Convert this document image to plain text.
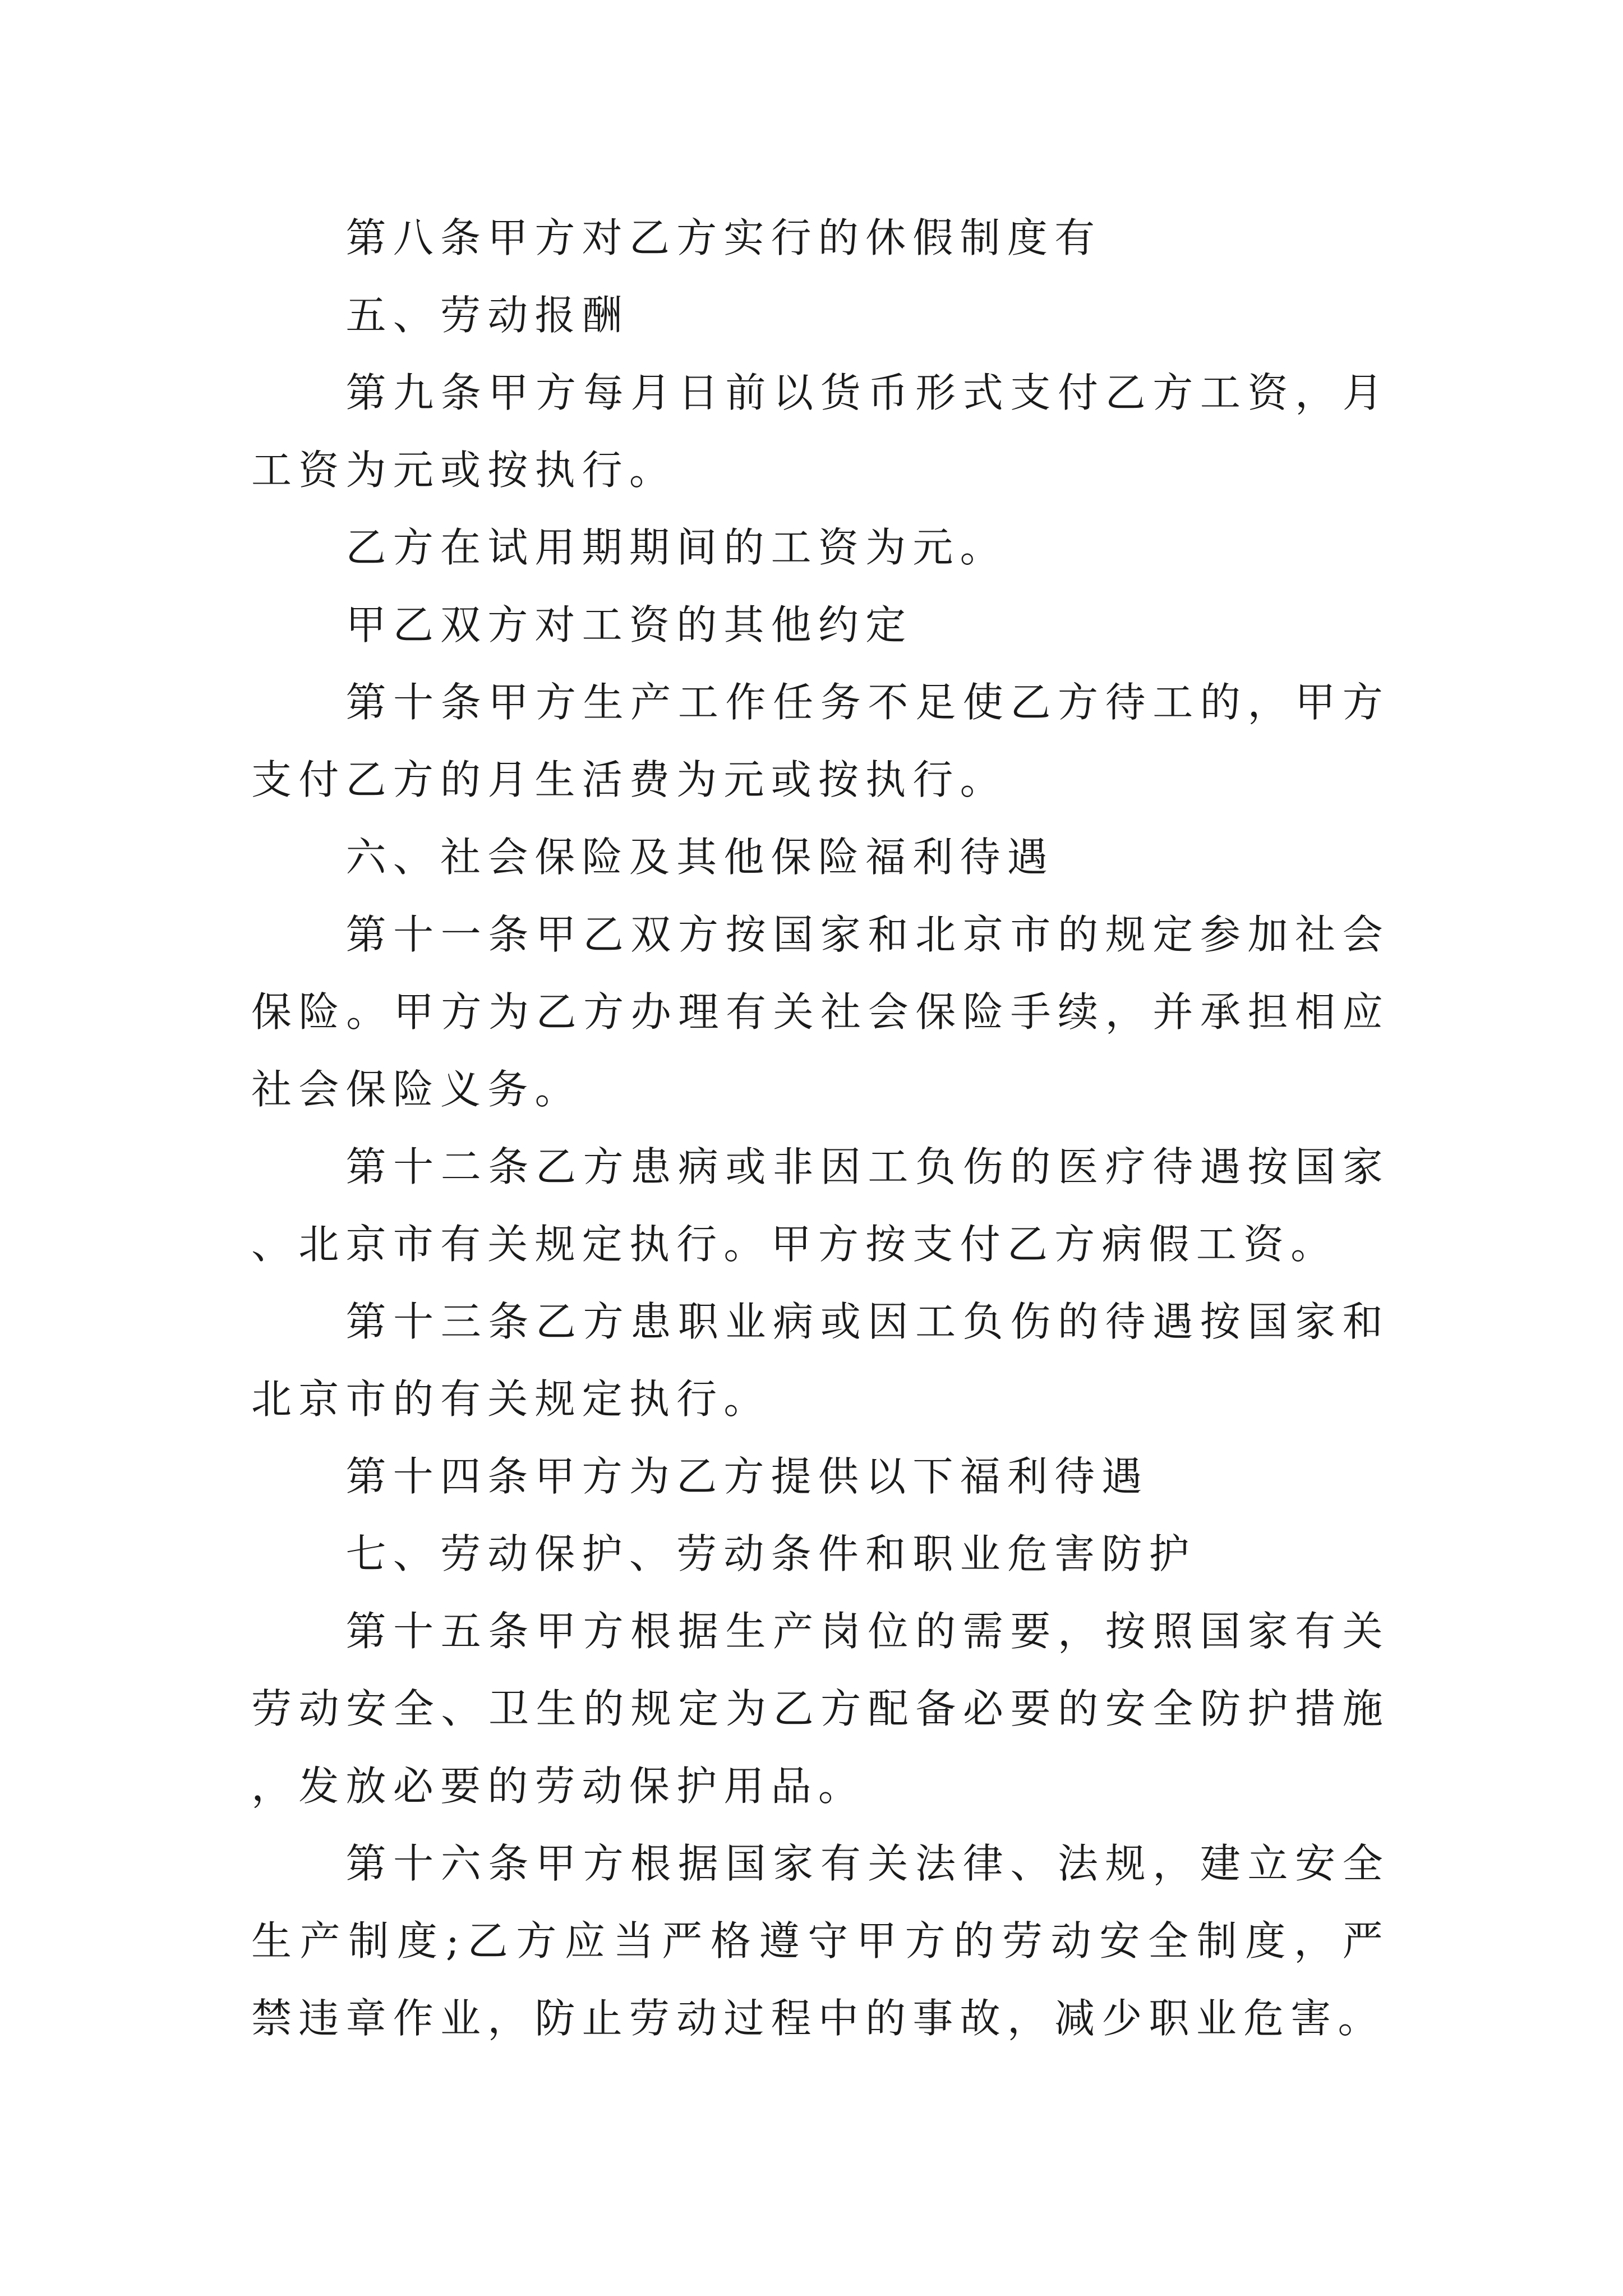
第八条甲方对乙方实行的休假制度有

五、劳动报酬

第九条甲方每月日前以货币形式支付乙方工资，月工资为元或按执行。

乙方在试用期期间的工资为元。

甲乙双方对工资的其他约定

第十条甲方生产工作任务不足使乙方待工的，甲方支付乙方的月生活费为元或按执行。

六、社会保险及其他保险福利待遇

第十一条甲乙双方按国家和北京市的规定参加社会保险。甲方为乙方办理有关社会保险手续，并承担相应社会保险义务。

第十二条乙方患病或非因工负伤的医疗待遇按国家、北京市有关规定执行。甲方按支付乙方病假工资。

第十三条乙方患职业病或因工负伤的待遇按国家和北京市的有关规定执行。

第十四条甲方为乙方提供以下福利待遇

七、劳动保护、劳动条件和职业危害防护

第十五条甲方根据生产岗位的需要，按照国家有关劳动安全、卫生的规定为乙方配备必要的安全防护措施，发放必要的劳动保护用品。

第十六条甲方根据国家有关法律、法规，建立安全生产制度;乙方应当严格遵守甲方的劳动安全制度，严禁违章作业，防止劳动过程中的事故，减少职业危害。
